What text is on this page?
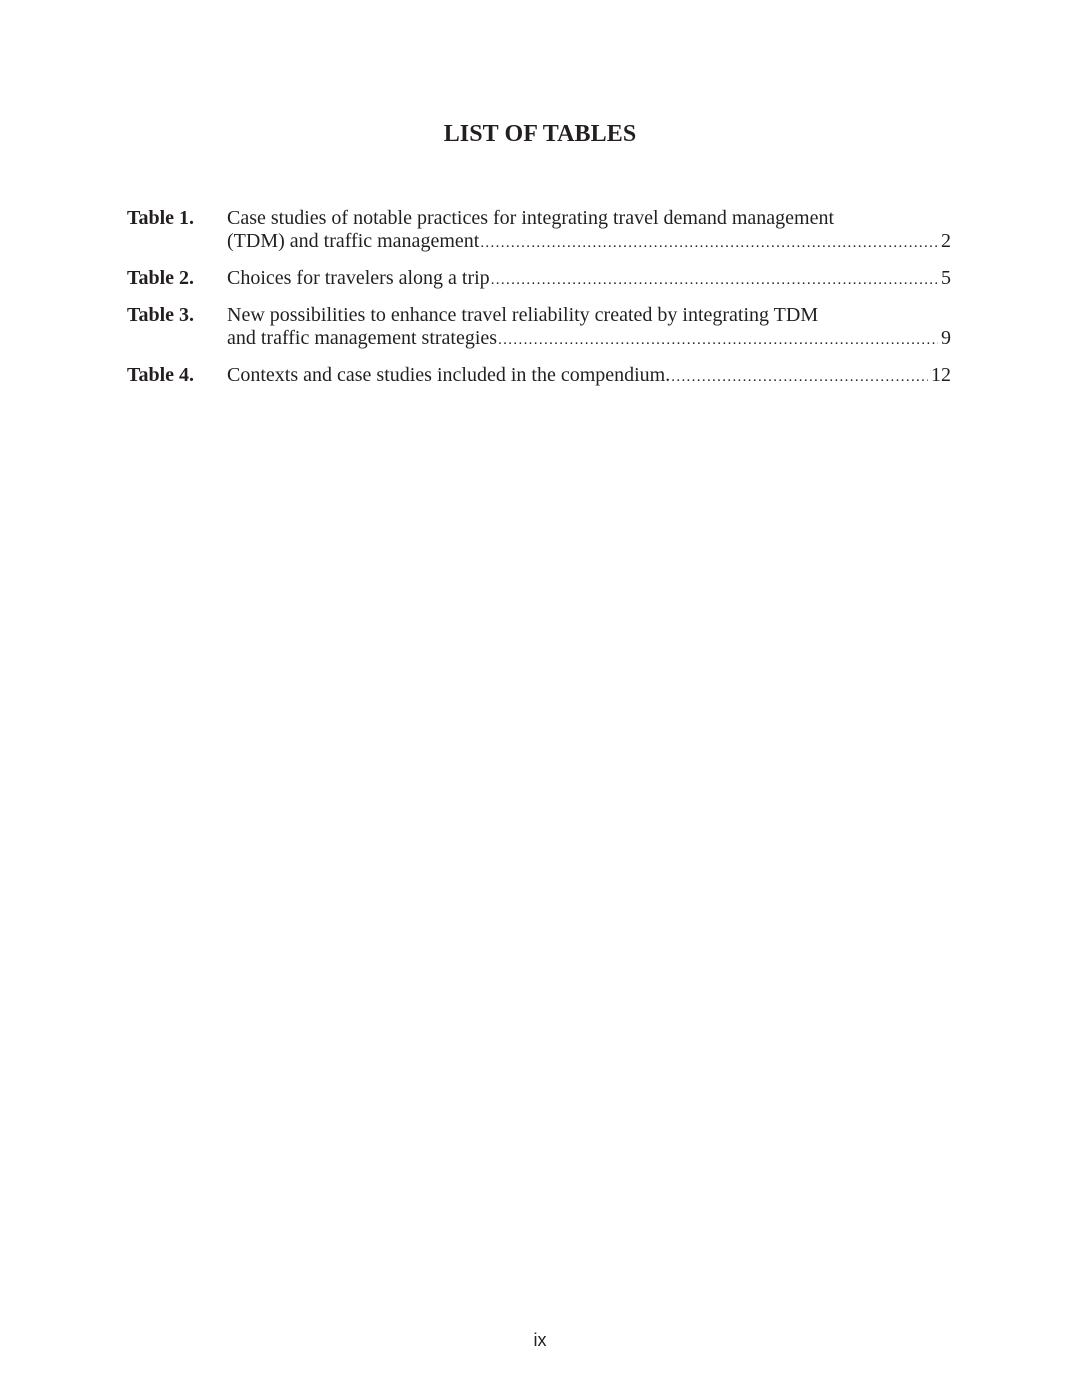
LIST OF TABLES
Table 1.	Case studies of notable practices for integrating travel demand management
(TDM) and traffic management . . .	2
Table 2.	Choices for travelers along a trip . . .	5
Table 3.	New possibilities to enhance travel reliability created by integrating TDM
and traffic management strategies . . .	9
Table 4.	Contexts and case studies included in the compendium. . . .	12
ix
